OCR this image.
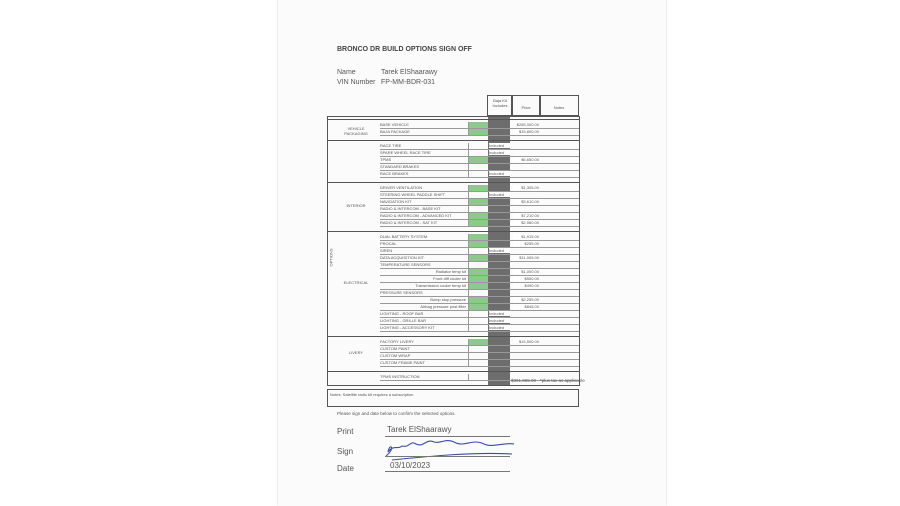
BRONCO DR BUILD OPTIONS SIGN OFF
Name	Tarek ElShaarawy
VIN Number FP-MM-BDR-031
Baja Kit Includes	Price	Notes
VEHICLE PACKAGING
BASE VEHICLE	$285,000.00
BAJA PACKAGE	$33,800.00
RACE TIRE	Included
SPARE WHEEL RACE TIRE	Included
TPMS	$6,650.00
STANDARD BRAKES
RACE BRAKES	Included
INTERIOR
DRIVER VENTILATION	$1,305.00
STEERING WHEEL PADDLE SHIFT	Included
NAVIGATION KIT	$3,610.00
RADIO & INTERCOM - BASE KIT
RADIO & INTERCOM - ADVANCED KIT	$7,210.00
RADIO & INTERCOM - SAT KIT	$2,560.00
ELECTRICAL
DUAL BATTERY SYSTEM	$1,915.00
PROCAL	$255.00
SIREN	Included
DATA ACQUISITION KIT	$11,005.00
TEMPERATURE SENSORS
Radiator temp kit	$1,000.00
Front diff cooler kit	$550.00
Transmission cooler temp kit	$490.00
PRESSURE SENSORS
Bump stop pressure	$2,255.00
Airbag pressure post filter	$845.00
LIGHTING - ROOF BAR	Included
LIGHTING - GRILLE BAR	Included
LIGHTING - ACCESSORY KIT	Included
LIVERY
FACTORY LIVERY	$15,500.00
CUSTOM PAINT
CUSTOM WRAP
CUSTOM FRAME PAINT
TPMS INSTRUCTION
OPTIONS
$391,865.00 *plus tax as applicable
Notes: Satellite radio kit requires a subscription
Please sign and date below to confirm the selected options.
Print	Tarek ElShaarawy
Sign
Date	03/10/2023
